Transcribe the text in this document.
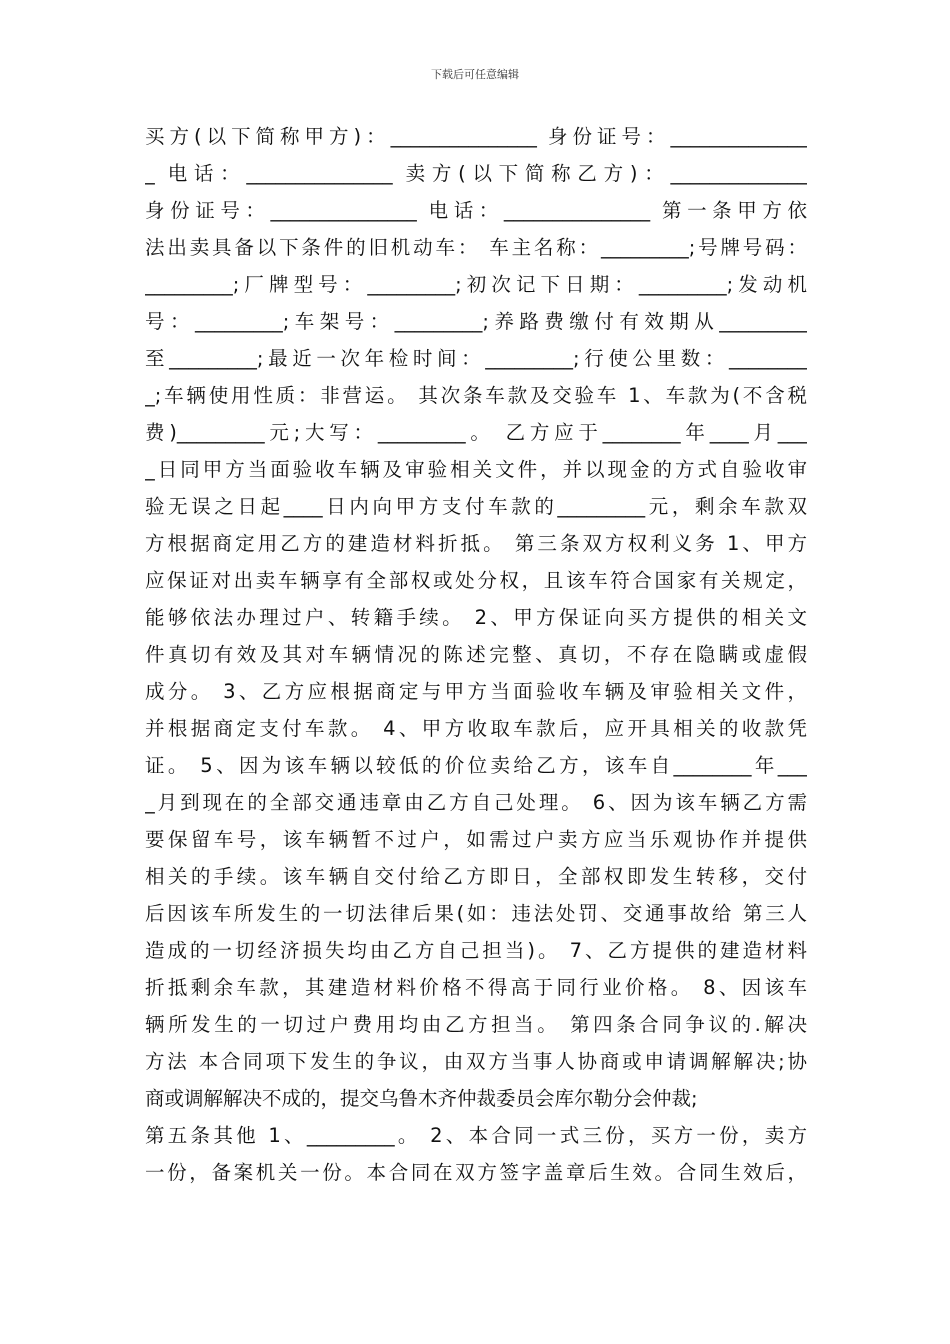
下载后可任意编辑
买方(以下简称甲方)：_______________ 身份证号：______________
_ 电话：_______________ 卖方(以下简称乙方)：______________
身份证号：_______________ 电话：_______________ 第一条甲方依
法出卖具备以下条件的旧机动车： 车主名称：_________;号牌号码：
_________;厂牌型号：_________;初次记下日期：_________;发动机
号：_________;车架号：_________;养路费缴付有效期从_________
至_________;最近一次年检时间：_________;行使公里数：________
_;车辆使用性质：非营运。 其次条车款及交验车 1、车款为(不含税
费)_________元;大写：_________。 乙方应于________年____月___
_日同甲方当面验收车辆及审验相关文件，并以现金的方式自验收审
验无误之日起____日内向甲方支付车款的_________元，剩余车款双
方根据商定用乙方的建造材料折抵。 第三条双方权利义务 1、甲方
应保证对出卖车辆享有全部权或处分权，且该车符合国家有关规定，
能够依法办理过户、转籍手续。 2、甲方保证向买方提供的相关文
件真切有效及其对车辆情况的陈述完整、真切，不存在隐瞒或虚假
成分。 3、乙方应根据商定与甲方当面验收车辆及审验相关文件，
并根据商定支付车款。 4、甲方收取车款后，应开具相关的收款凭
证。 5、因为该车辆以较低的价位卖给乙方，该车自________年___
_月到现在的全部交通违章由乙方自己处理。 6、因为该车辆乙方需
要保留车号，该车辆暂不过户，如需过户卖方应当乐观协作并提供
相关的手续。该车辆自交付给乙方即日，全部权即发生转移，交付
后因该车所发生的一切法律后果(如：违法处罚、交通事故给 第三人
造成的一切经济损失均由乙方自己担当)。 7、乙方提供的建造材料
折抵剩余车款，其建造材料价格不得高于同行业价格。 8、因该车
辆所发生的一切过户费用均由乙方担当。 第四条合同争议的.解决
方法 本合同项下发生的争议，由双方当事人协商或申请调解解决;协
商或调解解决不成的，提交乌鲁木齐仲裁委员会库尔勒分会仲裁;
第五条其他 1、_________。 2、本合同一式三份，买方一份，卖方
一份，备案机关一份。本合同在双方签字盖章后生效。合同生效后，
